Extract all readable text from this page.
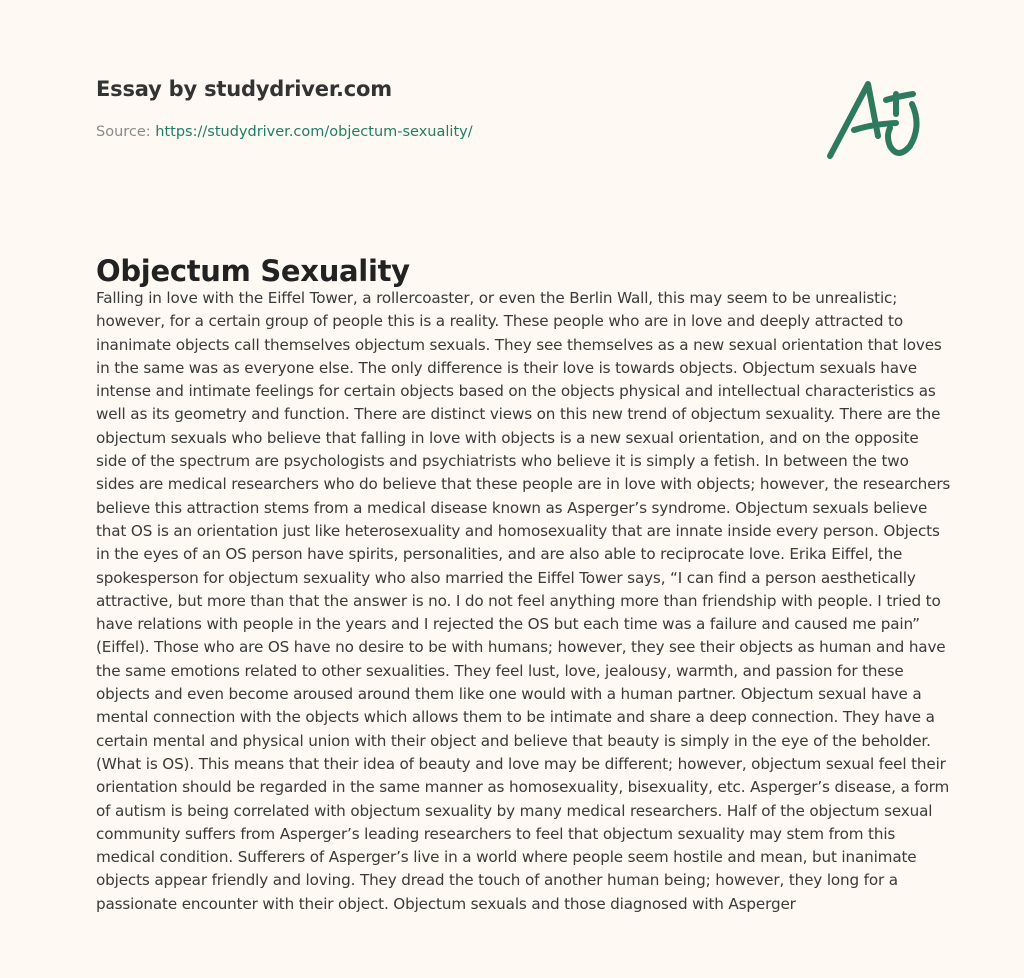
Essay by studydriver.com
Source: https://studydriver.com/objectum-sexuality/
Objectum Sexuality
Falling in love with the Eiffel Tower, a rollercoaster, or even the Berlin Wall, this may seem to be unrealistic;
however, for a certain group of people this is a reality. These people who are in love and deeply attracted to
inanimate objects call themselves objectum sexuals. They see themselves as a new sexual orientation that loves
in the same was as everyone else. The only difference is their love is towards objects. Objectum sexuals have
intense and intimate feelings for certain objects based on the objects physical and intellectual characteristics as
well as its geometry and function. There are distinct views on this new trend of objectum sexuality. There are the
objectum sexuals who believe that falling in love with objects is a new sexual orientation, and on the opposite
side of the spectrum are psychologists and psychiatrists who believe it is simply a fetish. In between the two
sides are medical researchers who do believe that these people are in love with objects; however, the researchers
believe this attraction stems from a medical disease known as Asperger’s syndrome. Objectum sexuals believe
that OS is an orientation just like heterosexuality and homosexuality that are innate inside every person. Objects
in the eyes of an OS person have spirits, personalities, and are also able to reciprocate love. Erika Eiffel, the
spokesperson for objectum sexuality who also married the Eiffel Tower says, “I can find a person aesthetically
attractive, but more than that the answer is no. I do not feel anything more than friendship with people. I tried to
have relations with people in the years and I rejected the OS but each time was a failure and caused me pain”
(Eiffel). Those who are OS have no desire to be with humans; however, they see their objects as human and have
the same emotions related to other sexualities. They feel lust, love, jealousy, warmth, and passion for these
objects and even become aroused around them like one would with a human partner. Objectum sexual have a
mental connection with the objects which allows them to be intimate and share a deep connection. They have a
certain mental and physical union with their object and believe that beauty is simply in the eye of the beholder.
(What is OS). This means that their idea of beauty and love may be different; however, objectum sexual feel their
orientation should be regarded in the same manner as homosexuality, bisexuality, etc. Asperger’s disease, a form
of autism is being correlated with objectum sexuality by many medical researchers. Half of the objectum sexual
community suffers from Asperger’s leading researchers to feel that objectum sexuality may stem from this
medical condition. Sufferers of Asperger’s live in a world where people seem hostile and mean, but inanimate
objects appear friendly and loving. They dread the touch of another human being; however, they long for a
passionate encounter with their object. Objectum sexuals and those diagnosed with Asperger
